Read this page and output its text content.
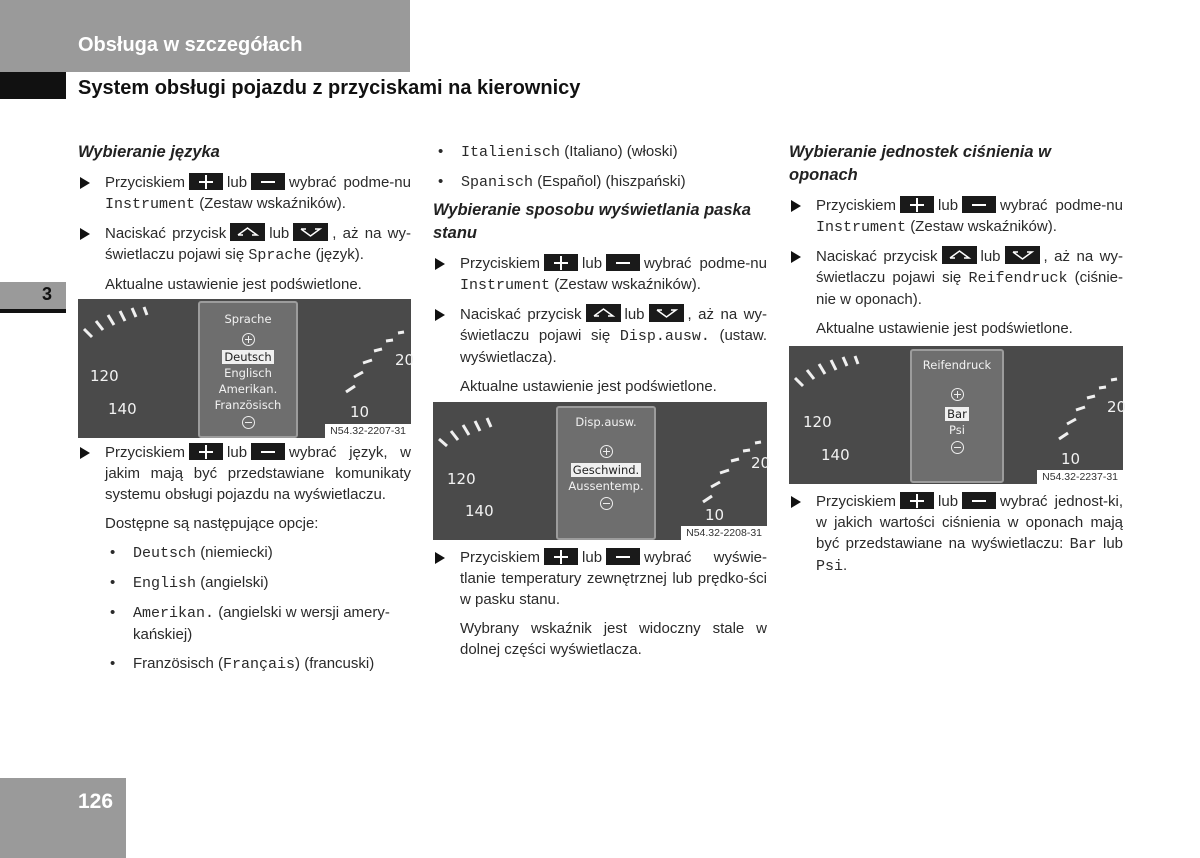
Obsługa w szczegółach
System obsługi pojazdu z przyciskami na kierownicy
3
126
Wybieranie języka
Przyciskiem	lub	wybrać podme-nu Instrument (Zestaw wskaźników).
Naciskać przycisk	lub	, aż na wy-świetlaczu pojawi się Sprache (język).
Aktualne ustawienie jest podświetlone.
120
140
20
10
Sprache
Deutsch
Englisch
Amerikan.
Französisch
N54.32-2207-31
Przyciskiem	lub	wybrać język, w jakim mają być przedstawiane komunikaty systemu obsługi pojazdu na wyświetlaczu.
Dostępne są następujące opcje:
• Deutsch (niemiecki)
• English (angielski)
• Amerikan. (angielski w wersji amery-kańskiej)
• Französisch (Français) (francuski)
• Italienisch (Italiano) (włoski)
• Spanisch (Español) (hiszpański)
Wybieranie sposobu wyświetlania paska stanu
Przyciskiem	lub	wybrać podme-nu Instrument (Zestaw wskaźników).
Naciskać przycisk	lub	, aż na wy-świetlaczu pojawi się Disp.ausw. (ustaw. wyświetlacza).
Aktualne ustawienie jest podświetlone.
120
140
20
10
Disp.ausw.
Geschwind.
Aussentemp.
N54.32-2208-31
Przyciskiem	lub	wybrać wyświe-tlanie temperatury zewnętrznej lub prędko-ści w pasku stanu.
Wybrany wskaźnik jest widoczny stale w dolnej części wyświetlacza.
Wybieranie jednostek ciśnienia w oponach
Przyciskiem	lub	wybrać podme-nu Instrument (Zestaw wskaźników).
Naciskać przycisk	lub	, aż na wy-świetlaczu pojawi się Reifendruck (ciśnie-nie w oponach).
Aktualne ustawienie jest podświetlone.
120
140
20
10
Reifendruck
Bar
Psi
N54.32-2237-31
Przyciskiem	lub	wybrać jednost-ki, w jakich wartości ciśnienia w oponach mają być przedstawiane na wyświetlaczu: Bar lub Psi.
